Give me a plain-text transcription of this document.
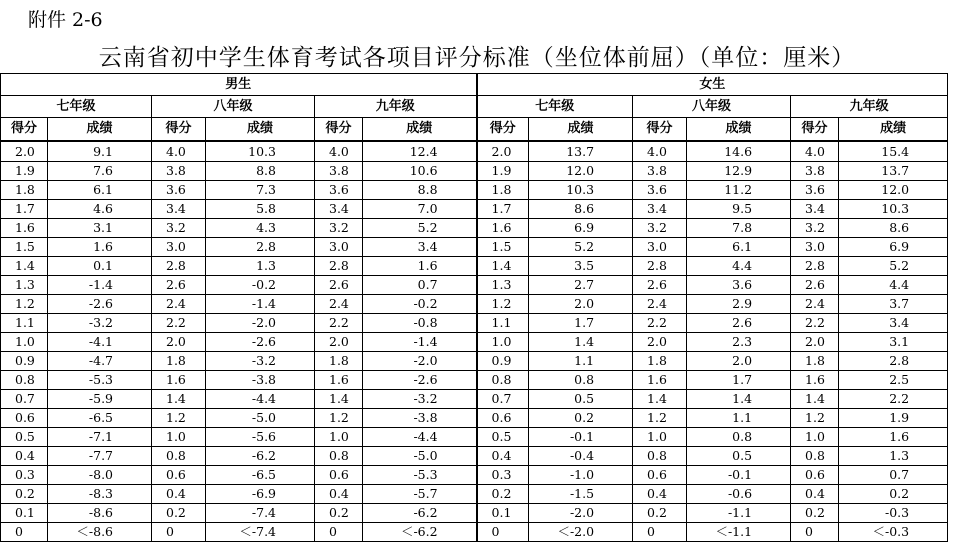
附件 2-6
云南省初中学生体育考试各项目评分标准（坐位体前屈）（单位：厘米）
男生						女生					
七年级		八年级		九年级		七年级		八年级		九年级	
得分	成绩	得分	成绩	得分	成绩	得分	成绩	得分	成绩	得分	成绩
2.0	9.1	4.0	10.3	4.0	12.4	2.0	13.7	4.0	14.6	4.0	15.4
1.9	7.6	3.8	8.8	3.8	10.6	1.9	12.0	3.8	12.9	3.8	13.7
1.8	6.1	3.6	7.3	3.6	8.8	1.8	10.3	3.6	11.2	3.6	12.0
1.7	4.6	3.4	5.8	3.4	7.0	1.7	8.6	3.4	9.5	3.4	10.3
1.6	3.1	3.2	4.3	3.2	5.2	1.6	6.9	3.2	7.8	3.2	8.6
1.5	1.6	3.0	2.8	3.0	3.4	1.5	5.2	3.0	6.1	3.0	6.9
1.4	0.1	2.8	1.3	2.8	1.6	1.4	3.5	2.8	4.4	2.8	5.2
1.3	-1.4	2.6	-0.2	2.6	0.7	1.3	2.7	2.6	3.6	2.6	4.4
1.2	-2.6	2.4	-1.4	2.4	-0.2	1.2	2.0	2.4	2.9	2.4	3.7
1.1	-3.2	2.2	-2.0	2.2	-0.8	1.1	1.7	2.2	2.6	2.2	3.4
1.0	-4.1	2.0	-2.6	2.0	-1.4	1.0	1.4	2.0	2.3	2.0	3.1
0.9	-4.7	1.8	-3.2	1.8	-2.0	0.9	1.1	1.8	2.0	1.8	2.8
0.8	-5.3	1.6	-3.8	1.6	-2.6	0.8	0.8	1.6	1.7	1.6	2.5
0.7	-5.9	1.4	-4.4	1.4	-3.2	0.7	0.5	1.4	1.4	1.4	2.2
0.6	-6.5	1.2	-5.0	1.2	-3.8	0.6	0.2	1.2	1.1	1.2	1.9
0.5	-7.1	1.0	-5.6	1.0	-4.4	0.5	-0.1	1.0	0.8	1.0	1.6
0.4	-7.7	0.8	-6.2	0.8	-5.0	0.4	-0.4	0.8	0.5	0.8	1.3
0.3	-8.0	0.6	-6.5	0.6	-5.3	0.3	-1.0	0.6	-0.1	0.6	0.7
0.2	-8.3	0.4	-6.9	0.4	-5.7	0.2	-1.5	0.4	-0.6	0.4	0.2
0.1	-8.6	0.2	-7.4	0.2	-6.2	0.1	-2.0	0.2	-1.1	0.2	-0.3
0	＜-8.6	0	＜-7.4	0	＜-6.2	0	＜-2.0	0	＜-1.1	0	＜-0.3
